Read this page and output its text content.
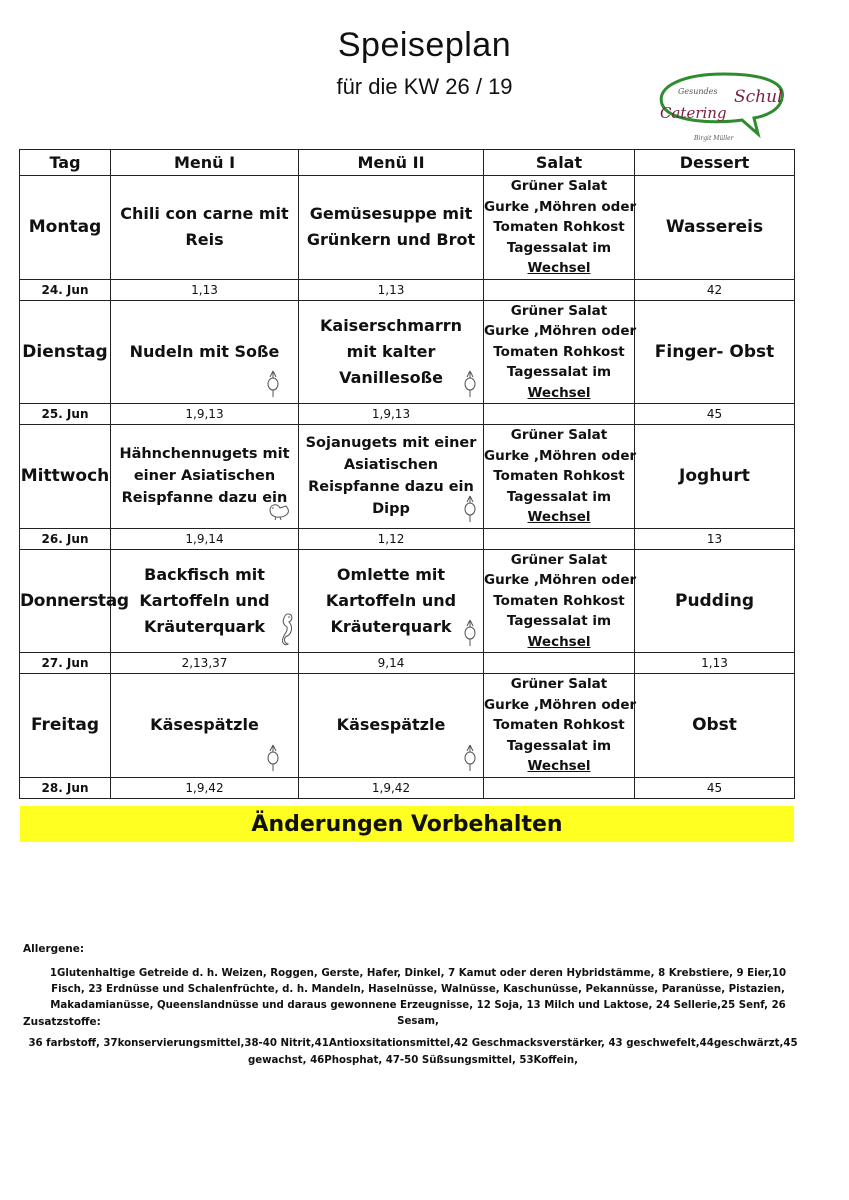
Speiseplan
für die KW 26 / 19	Gesundes Schul
Catering
Birgit Müller
Tag	Menü I	Menü II	Salat	Dessert
Montag	Chili con carne mit Reis	Gemüsesuppe mit Grünkern und Brot	Grüner Salat
Gurke ,Möhren oder
Tomaten Rohkost
Tagessalat im
Wechsel	Wassereis
24. Jun	1,13	1,13		42
Dienstag	Nudeln mit Soße	Kaiserschmarrn mit kalter Vanillesoße	Grüner Salat
Gurke ,Möhren oder
Tomaten Rohkost
Tagessalat im
Wechsel	Finger- Obst
25. Jun	1,9,13	1,9,13		45
Mittwoch	Hähnchennugets mit einer Asiatischen Reispfanne dazu ein	Sojanugets mit einer Asiatischen Reispfanne dazu ein Dipp	Grüner Salat
Gurke ,Möhren oder
Tomaten Rohkost
Tagessalat im
Wechsel	Joghurt
26. Jun	1,9,14	1,12		13
Donnerstag	Backfisch mit Kartoffeln und Kräuterquark	Omlette mit Kartoffeln und Kräuterquark	Grüner Salat
Gurke ,Möhren oder
Tomaten Rohkost
Tagessalat im
Wechsel	Pudding
27. Jun	2,13,37	9,14		1,13
Freitag	Käsespätzle	Käsespätzle	Grüner Salat
Gurke ,Möhren oder
Tomaten Rohkost
Tagessalat im
Wechsel	Obst
28. Jun	1,9,42	1,9,42		45
Änderungen Vorbehalten
Allergene:
1Glutenhaltige Getreide d. h. Weizen, Roggen, Gerste, Hafer, Dinkel, 7 Kamut oder deren Hybridstämme, 8 Krebstiere, 9 Eier,10 Fisch, 23 Erdnüsse und Schalenfrüchte, d. h. Mandeln, Haselnüsse, Walnüsse, Kaschunüsse, Pekannüsse, Paranüsse, Pistazien, Makadamianüsse, Queenslandnüsse und daraus gewonnene Erzeugnisse, 12 Soja, 13 Milch und Laktose, 24 Sellerie,25 Senf, 26 Sesam,
Zusatzstoffe:
36 farbstoff, 37konservierungsmittel,38-40 Nitrit,41Antioxsitationsmittel,42 Geschmacksverstärker, 43 geschwefelt,44geschwärzt,45 gewachst, 46Phosphat, 47-50 Süßsungsmittel, 53Koffein,
